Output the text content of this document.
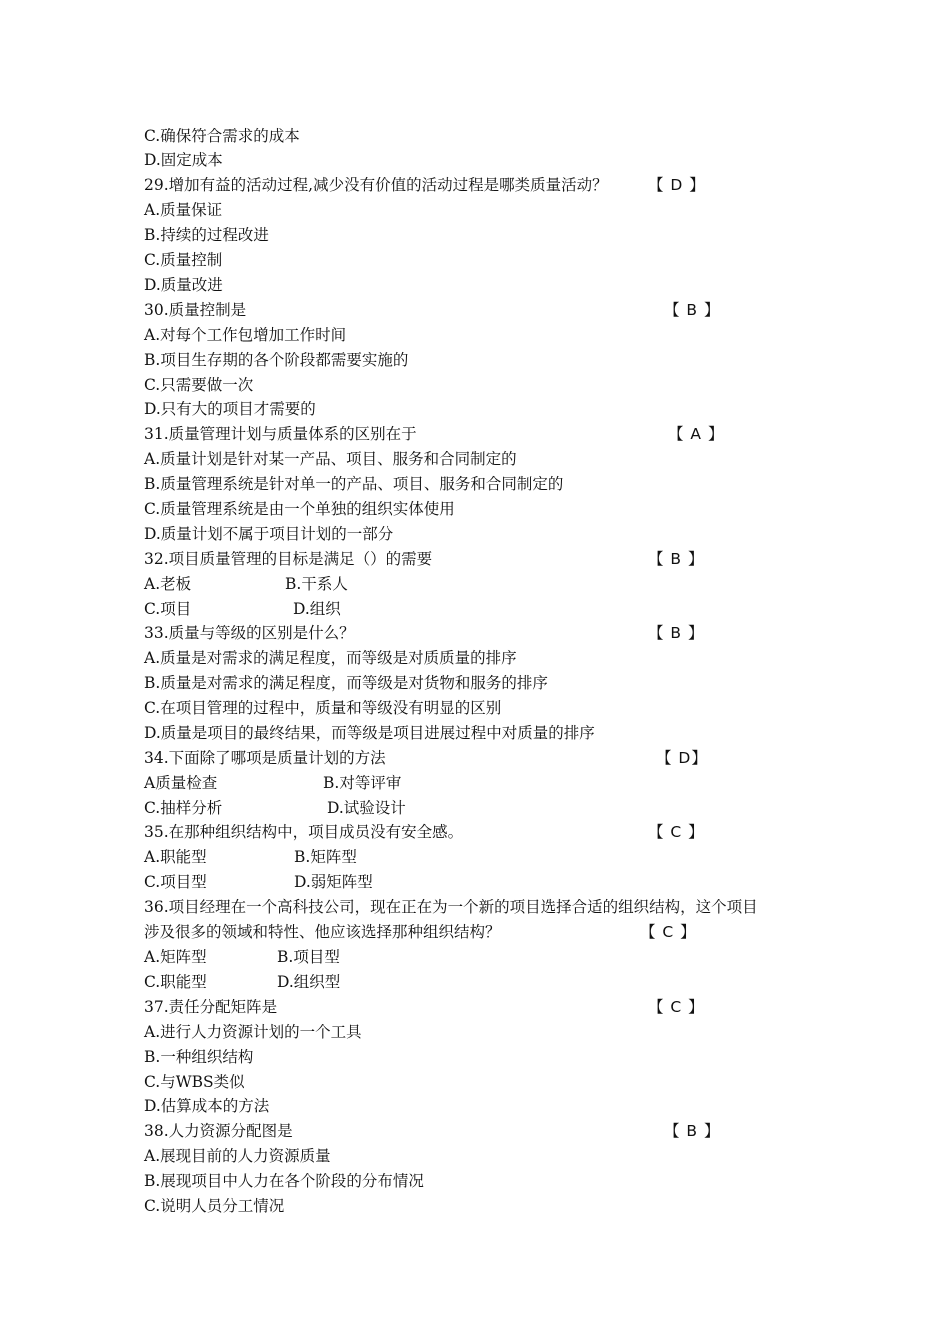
C.确保符合需求的成本
D.固定成本
29.增加有益的活动过程,减少没有价值的活动过程是哪类质量活动？	【 D 】
A.质量保证
B.持续的过程改进
C.质量控制
D.质量改进
30.质量控制是	【 B 】
A.对每个工作包增加工作时间
B.项目生存期的各个阶段都需要实施的
C.只需要做一次
D.只有大的项目才需要的
31.质量管理计划与质量体系的区别在于	【 A 】
A.质量计划是针对某一产品、项目、服务和合同制定的
B.质量管理系统是针对单一的产品、项目、服务和合同制定的
C.质量管理系统是由一个单独的组织实体使用
D.质量计划不属于项目计划的一部分
32.项目质量管理的目标是满足（）的需要	【 B 】
A.老板	B.干系人
C.项目	D.组织
33.质量与等级的区别是什么？	【 B 】
A.质量是对需求的满足程度，而等级是对质质量的排序
B.质量是对需求的满足程度，而等级是对货物和服务的排序
C.在项目管理的过程中，质量和等级没有明显的区别
D.质量是项目的最终结果，而等级是项目进展过程中对质量的排序
34.下面除了哪项是质量计划的方法	【 D】
A质量检查	B.对等评审
C.抽样分析	D.试验设计
35.在那种组织结构中，项目成员没有安全感。	【 C 】
A.职能型	B.矩阵型
C.项目型	D.弱矩阵型
36.项目经理在一个高科技公司，现在正在为一个新的项目选择合适的组织结构，这个项目
涉及很多的领域和特性、他应该选择那种组织结构？	【 C 】
A.矩阵型	B.项目型
C.职能型	D.组织型
37.责任分配矩阵是	【 C 】
A.进行人力资源计划的一个工具
B.一种组织结构
C.与WBS类似
D.估算成本的方法
38.人力资源分配图是	【 B 】
A.展现目前的人力资源质量
B.展现项目中人力在各个阶段的分布情况
C.说明人员分工情况
